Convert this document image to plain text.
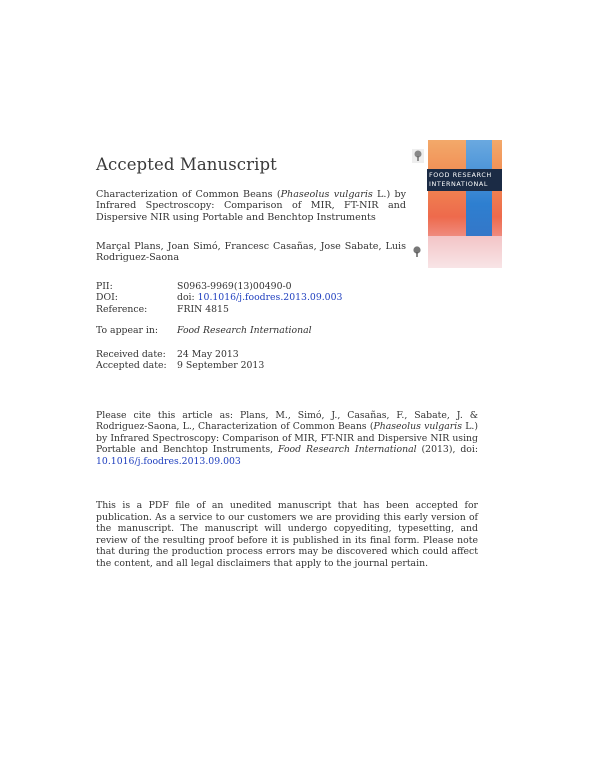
Accepted Manuscript
Characterization of Common Beans (Phaseolus vulgaris L.) by Infrared Spectroscopy: Comparison of MIR, FT-NIR and Dispersive NIR using Portable and Benchtop Instruments
Marçal Plans, Joan Simó, Francesc Casañas, Jose Sabate, Luis Rodriguez-Saona
PII:	S0963-9969(13)00490-0
DOI:	doi: 10.1016/j.foodres.2013.09.003
Reference:	FRIN 4815
To appear in: Food Research International
Received date: 24 May 2013
Accepted date: 9 September 2013
Please cite this article as: Plans, M., Simó, J., Casañas, F., Sabate, J. & Rodriguez-Saona, L., Characterization of Common Beans (Phaseolus vulgaris L.) by Infrared Spectroscopy: Comparison of MIR, FT-NIR and Dispersive NIR using Portable and Benchtop Instruments, Food Research International (2013), doi: 10.1016/j.foodres.2013.09.003
This is a PDF file of an unedited manuscript that has been accepted for publication. As a service to our customers we are providing this early version of the manuscript. The manuscript will undergo copyediting, typesetting, and review of the resulting proof before it is published in its final form. Please note that during the production process errors may be discovered which could affect the content, and all legal disclaimers that apply to the journal pertain.
FOOD RESEARCH
INTERNATIONAL
